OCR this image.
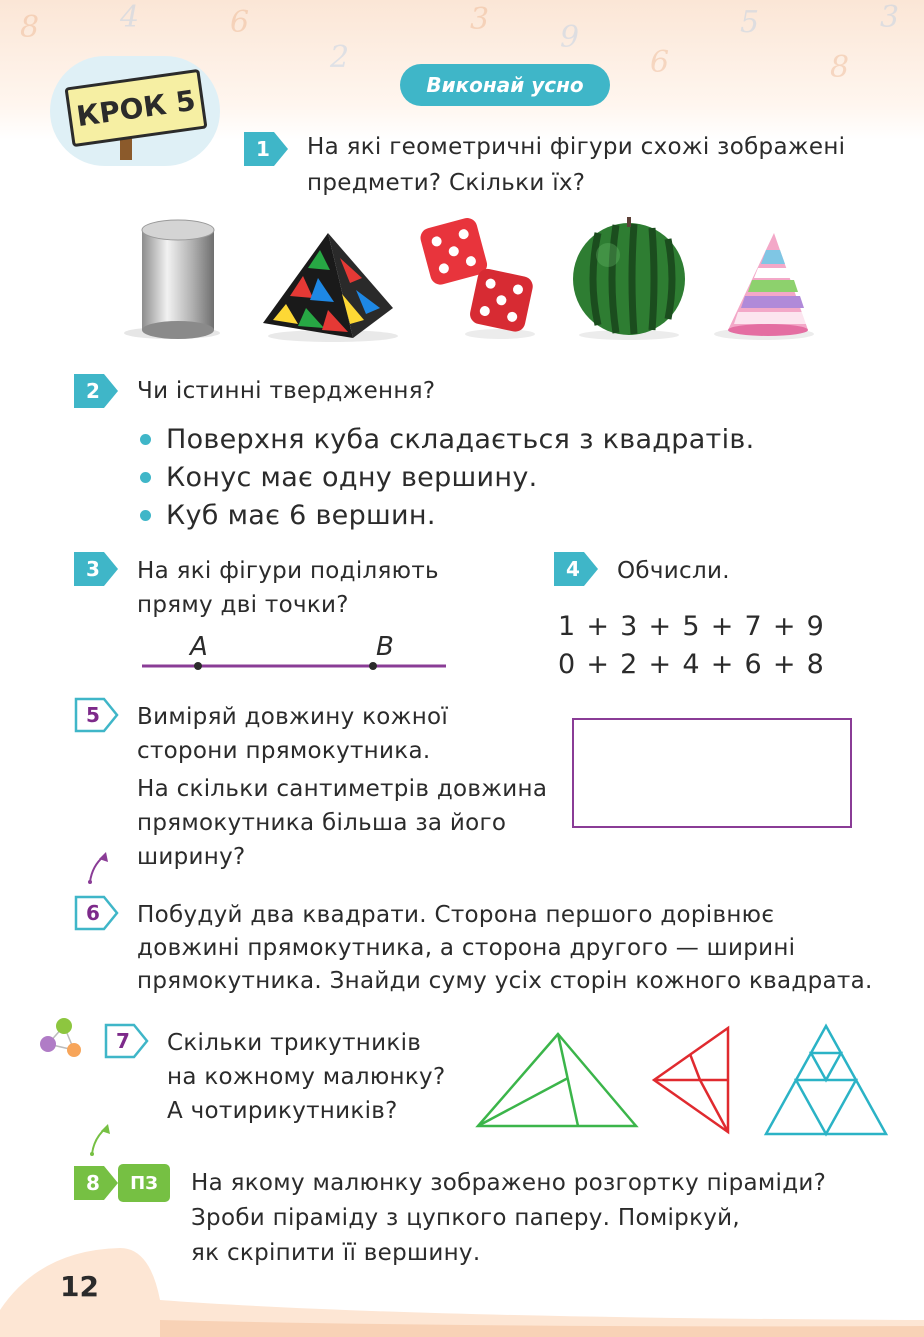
8	4	6
2
3
9
6
5
8
3
КРОК 5	Виконай усно
1	На які геометричні фігури схожі зображені
предмети? Скільки їх?
2	Чи істинні твердження?
Поверхня куба складається з квадратів.
Конус має одну вершину.
Куб має 6 вершин.
3	На які фігури поділяють
пряму дві точки?
A	B
4	Обчисли.
1 + 3 + 5 + 7 + 9
0 + 2 + 4 + 6 + 8
5	Виміряй довжину кожної
сторони прямокутника.
На скільки сантиметрів довжина
прямокутника більша за його
ширину?
6	Побудуй два квадрати. Сторона першого дорівнює
довжині прямокутника, а сторона другого — ширині
прямокутника. Знайди суму усіх сторін кожного квадрата.
7	Скільки трикутників
на кожному малюнку?
А чотирикутників?
8	ПЗ	На якому малюнку зображено розгортку піраміди?
Зроби піраміду з цупкого паперу. Поміркуй,
як скріпити її вершину.
12
